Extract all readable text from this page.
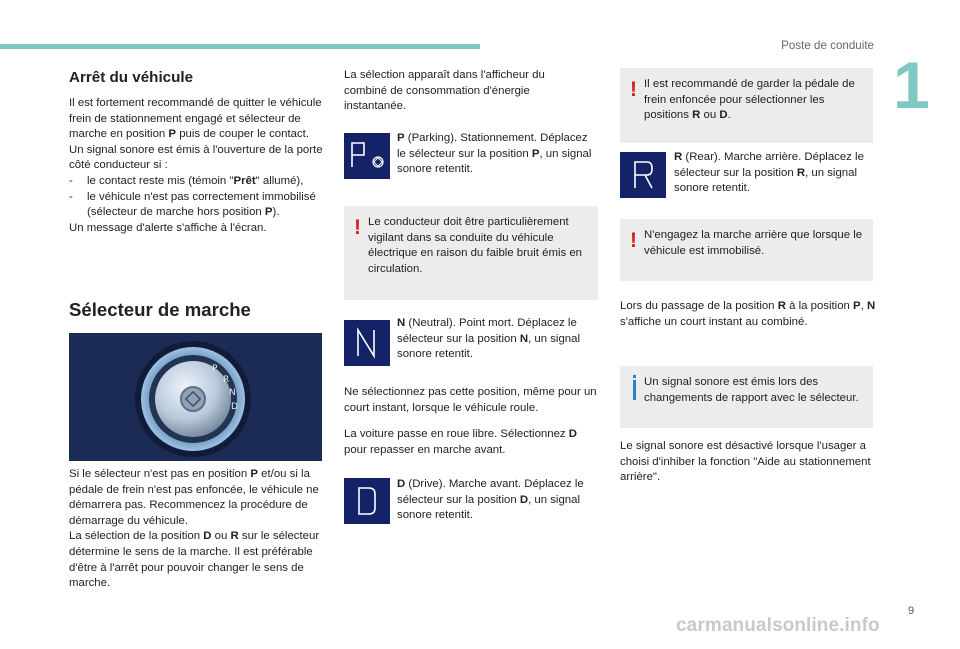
Poste de conduite
1
Arrêt du véhicule

Il est fortement recommandé de quitter le véhicule frein de stationnement engagé et sélecteur de marche en position P puis de couper le contact.

Un signal sonore est émis à l'ouverture de la porte côté conducteur si :

- le contact reste mis (témoin "Prêt" allumé),
- le véhicule n'est pas correctement immobilisé (sélecteur de marche hors position P).

Un message d'alerte s'affiche à l'écran.

Sélecteur de marche
P
R
N
D

Si le sélecteur n'est pas en position P et/ou si la pédale de frein n'est pas enfoncée, le véhicule ne démarrera pas. Recommencez la procédure de démarrage du véhicule.

La sélection de la position D ou R sur le sélecteur détermine le sens de la marche. Il est préférable d'être à l'arrêt pour pouvoir changer le sens de marche.

La sélection apparaît dans l'afficheur du combiné de consommation d'énergie instantanée.

P (Parking). Stationnement. Déplacez le sélecteur sur la position P, un signal sonore retentit.

! Le conducteur doit être particulièrement vigilant dans sa conduite du véhicule électrique en raison du faible bruit émis en circulation.

N (Neutral). Point mort. Déplacez le sélecteur sur la position N, un signal sonore retentit.

Ne sélectionnez pas cette position, même pour un court instant, lorsque le véhicule roule.

La voiture passe en roue libre. Sélectionnez D pour repasser en marche avant.

D (Drive). Marche avant. Déplacez le sélecteur sur la position D, un signal sonore retentit.

! Il est recommandé de garder la pédale de frein enfoncée pour sélectionner les positions R ou D.

R (Rear). Marche arrière. Déplacez le sélecteur sur la position R, un signal sonore retentit.

! N'engagez la marche arrière que lorsque le véhicule est immobilisé.

Lors du passage de la position R à la position P, N s'affiche un court instant au combiné.

Un signal sonore est émis lors des changements de rapport avec le sélecteur.

Le signal sonore est désactivé lorsque l'usager a choisi d'inhiber la fonction "Aide au stationnement arrière".

9
carmanualsonline.info
